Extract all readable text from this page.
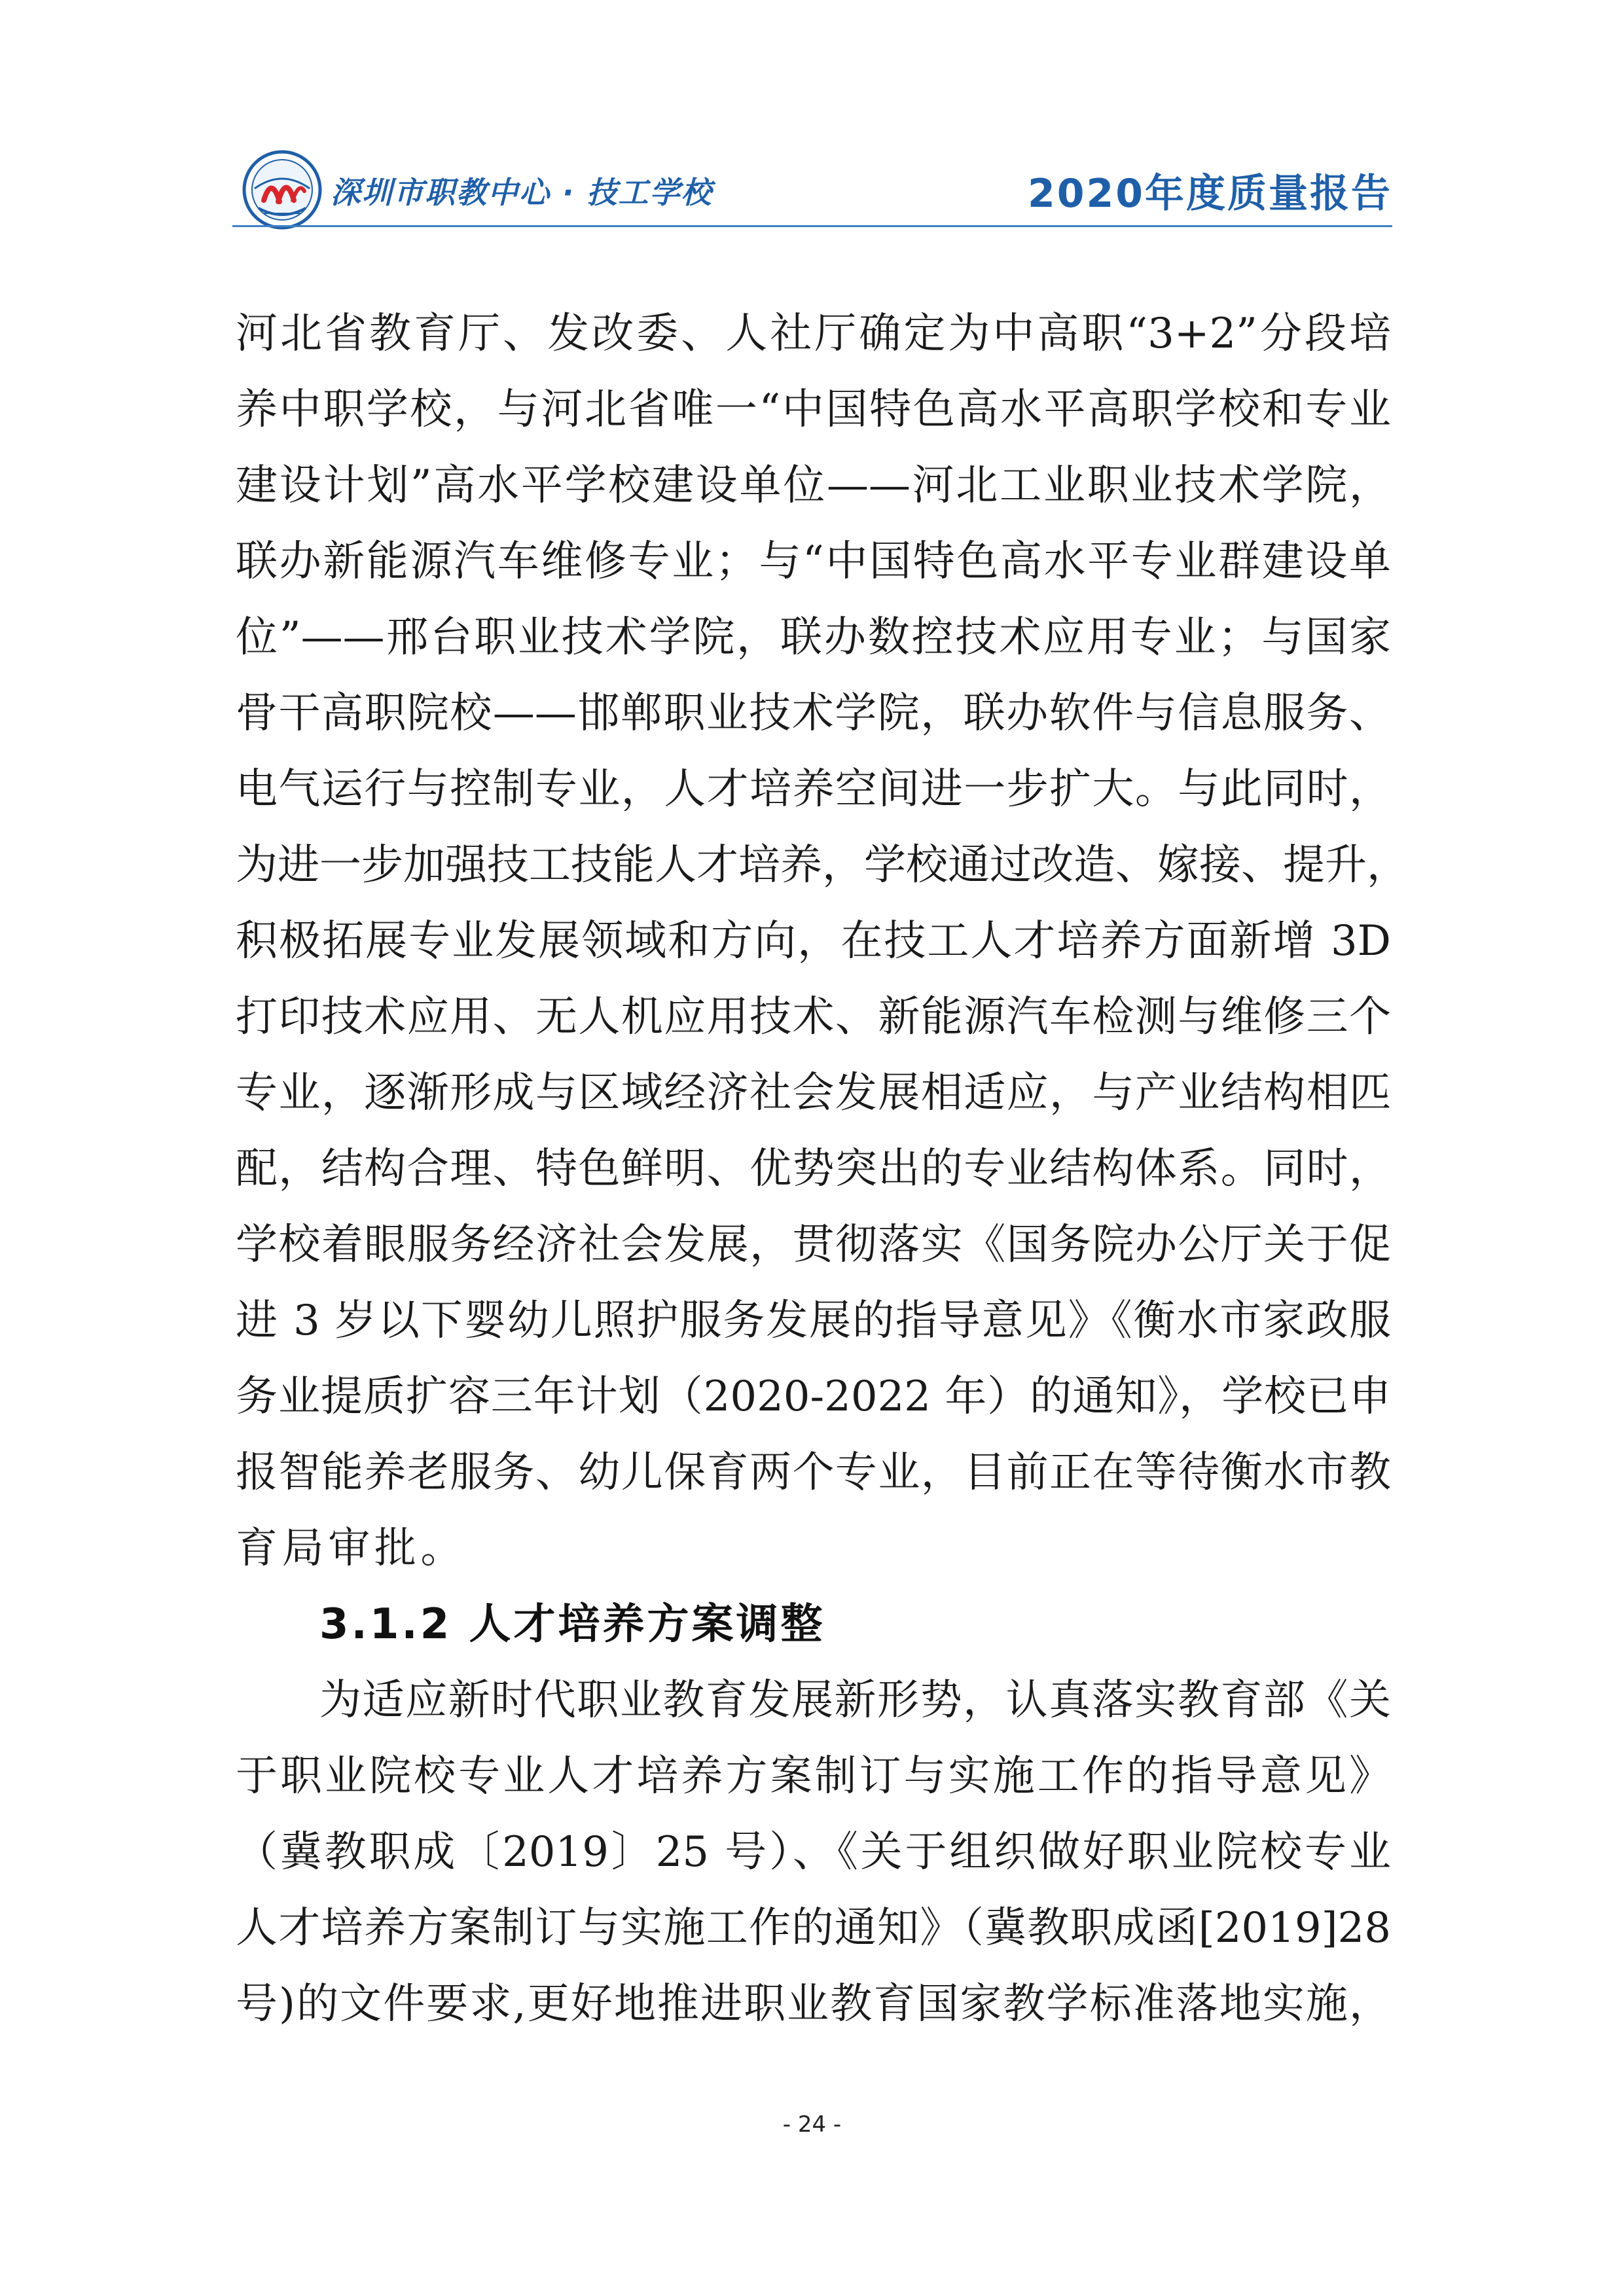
深圳市职教中心 · 技工学校	2020年度质量报告
河北省教育厅、发改委、人社厅确定为中高职“3+2”分段培
养中职学校，与河北省唯一“中国特色高水平高职学校和专业
建设计划”高水平学校建设单位——河北工业职业技术学院，
联办新能源汽车维修专业；与“中国特色高水平专业群建设单
位”——邢台职业技术学院，联办数控技术应用专业；与国家
骨干高职院校——邯郸职业技术学院，联办软件与信息服务、
电气运行与控制专业，人才培养空间进一步扩大。与此同时，
为进一步加强技工技能人才培养，学校通过改造、嫁接、提升，
积极拓展专业发展领域和方向，在技工人才培养方面新增 3D
打印技术应用、无人机应用技术、新能源汽车检测与维修三个
专业，逐渐形成与区域经济社会发展相适应，与产业结构相匹
配，结构合理、特色鲜明、优势突出的专业结构体系。同时，
学校着眼服务经济社会发展，贯彻落实《国务院办公厅关于促
进 3 岁以下婴幼儿照护服务发展的指导意见》《衡水市家政服
务业提质扩容三年计划（2020-2022 年）的通知》，学校已申
报智能养老服务、幼儿保育两个专业，目前正在等待衡水市教
育局审批。
3.1.2 人才培养方案调整
为适应新时代职业教育发展新形势，认真落实教育部《关
于职业院校专业人才培养方案制订与实施工作的指导意见》
（冀教职成〔2019〕25 号）、《关于组织做好职业院校专业
人才培养方案制订与实施工作的通知》（冀教职成函[2019]28
号)的文件要求,更好地推进职业教育国家教学标准落地实施，
- 24 -
